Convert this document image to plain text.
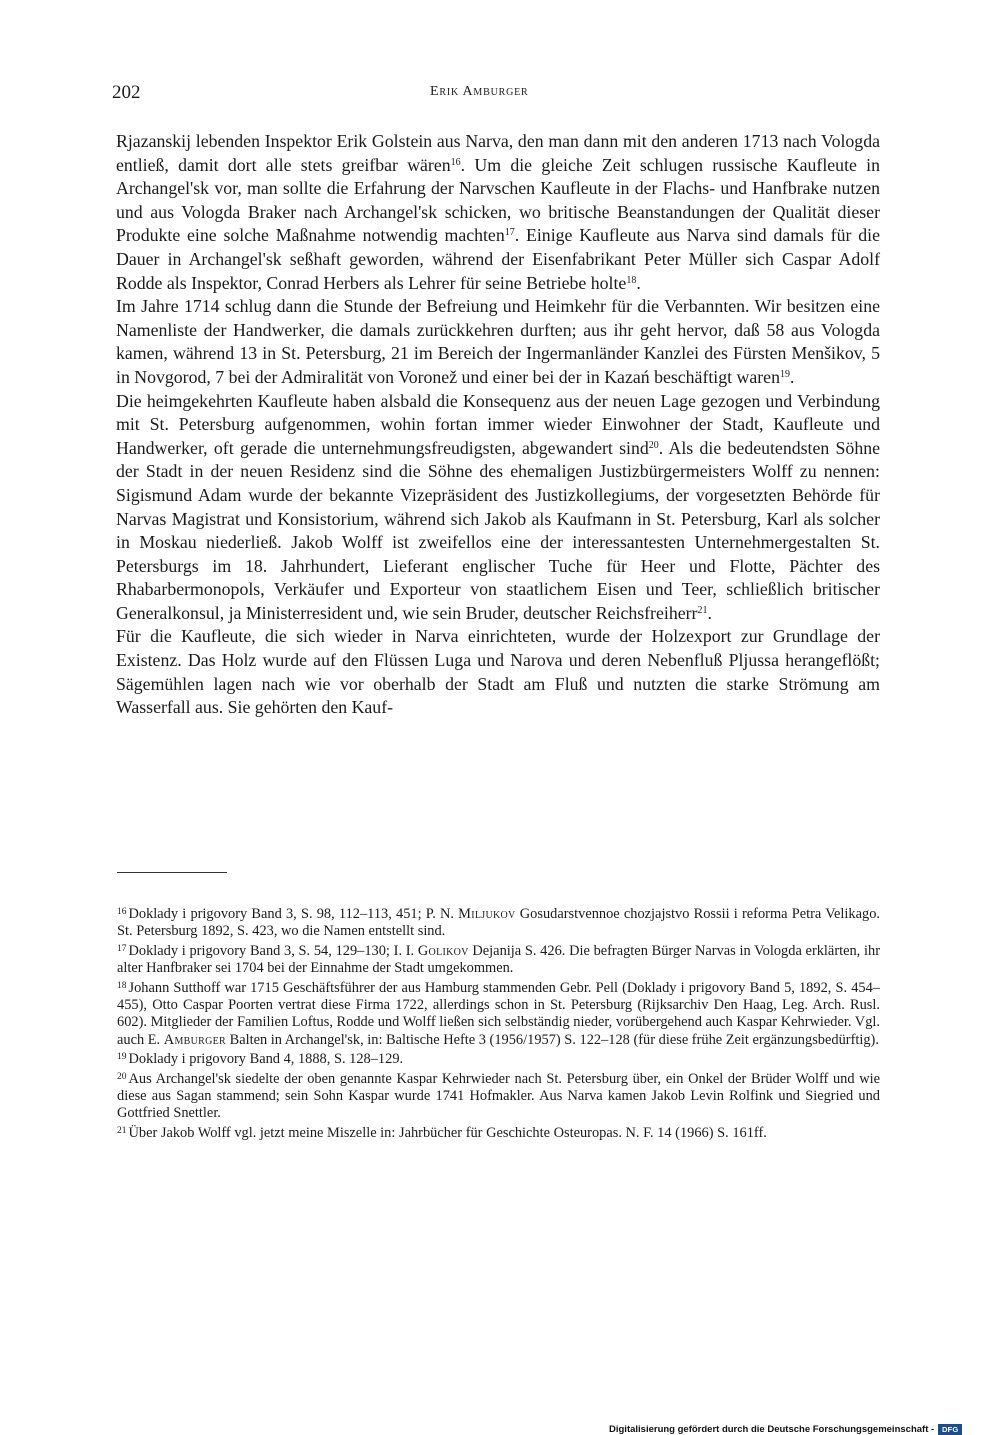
202	Erik Amburger

Rjazanskij lebenden Inspektor Erik Golstein aus Narva, den man dann mit den anderen 1713 nach Vologda entließ, damit dort alle stets greifbar wären$^{16}$. Um die gleiche Zeit schlugen russische Kaufleute in Archangel'sk vor, man sollte die Erfahrung der Narvschen Kaufleute in der Flachs- und Hanfbrake nutzen und aus Vologda Braker nach Archangel'sk schicken, wo britische Beanstandungen der Qualität dieser Produkte eine solche Maßnahme notwendig machten$^{17}$. Einige Kaufleute aus Narva sind damals für die Dauer in Archangel'sk seßhaft geworden, während der Eisenfabrikant Peter Müller sich Caspar Adolf Rodde als Inspektor, Conrad Herbers als Lehrer für seine Betriebe holte$^{18}$.

Im Jahre 1714 schlug dann die Stunde der Befreiung und Heimkehr für die Verbannten. Wir besitzen eine Namenliste der Handwerker, die damals zurückkehren durften; aus ihr geht hervor, daß 58 aus Vologda kamen, während 13 in St. Petersburg, 21 im Bereich der Ingermanländer Kanzlei des Fürsten Menšikov, 5 in Novgorod, 7 bei der Admiralität von Voronež und einer bei der in Kazań beschäftigt waren$^{19}$.

Die heimgekehrten Kaufleute haben alsbald die Konsequenz aus der neuen Lage gezogen und Verbindung mit St. Petersburg aufgenommen, wohin fortan immer wieder Einwohner der Stadt, Kaufleute und Handwerker, oft gerade die unternehmungsfreudigsten, abgewandert sind$^{20}$. Als die bedeutendsten Söhne der Stadt in der neuen Residenz sind die Söhne des ehemaligen Justizbürgermeisters Wolff zu nennen: Sigismund Adam wurde der bekannte Vizepräsident des Justizkollegiums, der vorgesetzten Behörde für Narvas Magistrat und Konsistorium, während sich Jakob als Kaufmann in St. Petersburg, Karl als solcher in Moskau niederließ. Jakob Wolff ist zweifellos eine der interessantesten Unternehmergestalten St. Petersburgs im 18. Jahrhundert, Lieferant englischer Tuche für Heer und Flotte, Pächter des Rhabarbermonopols, Verkäufer und Exporteur von staatlichem Eisen und Teer, schließlich britischer Generalkonsul, ja Ministerresident und, wie sein Bruder, deutscher Reichsfreiherr$^{21}$.

Für die Kaufleute, die sich wieder in Narva einrichteten, wurde der Holzexport zur Grundlage der Existenz. Das Holz wurde auf den Flüssen Luga und Narova und deren Nebenfluß Pljussa herangeflößt; Sägemühlen lagen nach wie vor oberhalb der Stadt am Fluß und nutzten die starke Strömung am Wasserfall aus. Sie gehörten den Kauf-

$^{16}$ Doklady i prigovory Band 3, S. 98, 112–113, 451; P. N. Miljukov Gosudarstvennoe chozjajstvo Rossii i reforma Petra Velikago. St. Petersburg 1892, S. 423, wo die Namen entstellt sind.

$^{17}$ Doklady i prigovory Band 3, S. 54, 129–130; I. I. Golikov Dejanija S. 426. Die befragten Bürger Narvas in Vologda erklärten, ihr alter Hanfbraker sei 1704 bei der Einnahme der Stadt umgekommen.

$^{18}$ Johann Sutthoff war 1715 Geschäftsführer der aus Hamburg stammenden Gebr. Pell (Doklady i prigovory Band 5, 1892, S. 454–455), Otto Caspar Poorten vertrat diese Firma 1722, allerdings schon in St. Petersburg (Rijksarchiv Den Haag, Leg. Arch. Rusl. 602). Mitglieder der Familien Loftus, Rodde und Wolff ließen sich selbständig nieder, vorübergehend auch Kaspar Kehrwieder. Vgl. auch E. Amburger Balten in Archangel'sk, in: Baltische Hefte 3 (1956/1957) S. 122–128 (für diese frühe Zeit ergänzungsbedürftig).

$^{19}$ Doklady i prigovory Band 4, 1888, S. 128–129.

$^{20}$ Aus Archangel'sk siedelte der oben genannte Kaspar Kehrwieder nach St. Petersburg über, ein Onkel der Brüder Wolff und wie diese aus Sagan stammend; sein Sohn Kaspar wurde 1741 Hofmakler. Aus Narva kamen Jakob Levin Rolfink und Siegried und Gottfried Snettler.

$^{21}$ Über Jakob Wolff vgl. jetzt meine Miszelle in: Jahrbücher für Geschichte Osteuropas. N. F. 14 (1966) S. 161ff.

Digitalisierung gefördert durch die Deutsche Forschungsgemeinschaft - DFG
